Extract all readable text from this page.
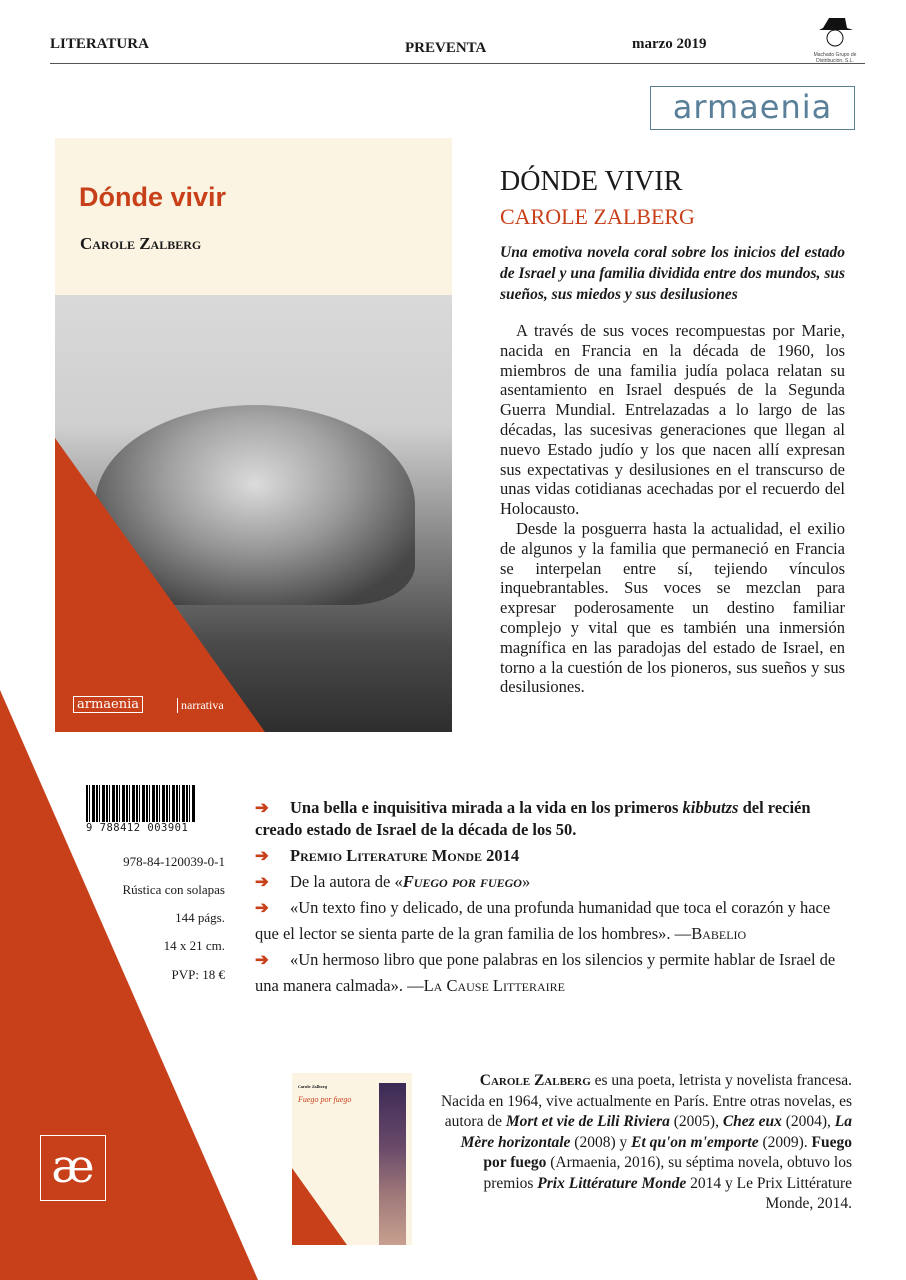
LITERATURA	PREVENTA	marzo 2019
Machado Grupo de Distribución, S.L.
armaenia
Dónde vivir
Carole Zalberg
armaenia	narrativa
DÓNDE VIVIR
CAROLE ZALBERG

Una emotiva novela coral sobre los inicios del estado de Israel y una familia dividida entre dos mundos, sus sueños, sus miedos y sus desilusiones

A través de sus voces recompuestas por Marie, nacida en Francia en la década de 1960, los miembros de una familia judía polaca relatan su asentamiento en Israel después de la Segunda Guerra Mundial. Entrelazadas a lo largo de las décadas, las sucesivas generaciones que llegan al nuevo Estado judío y los que nacen allí expresan sus expectativas y desilusiones en el transcurso de unas vidas cotidianas acechadas por el recuerdo del Holocausto.

Desde la posguerra hasta la actualidad, el exilio de algunos y la familia que permaneció en Francia se interpelan entre sí, tejiendo vínculos inquebrantables. Sus voces se mezclan para expresar poderosamente un destino familiar complejo y vital que es también una inmersión magnífica en las paradojas del estado de Israel, en torno a la cuestión de los pioneros, sus sueños y sus desilusiones.

9 788412 003901
978-84-120039-0-1
Rústica con solapas
144 págs.
14 x 21 cm.
PVP: 18 €
➔ Una bella e inquisitiva mirada a la vida en los primeros kibbutzs del recién creado estado de Israel de la década de los 50.
➔ Premio Literature Monde 2014
➔ De la autora de «Fuego por fuego»
➔ «Un texto fino y delicado, de una profunda humanidad que toca el corazón y hace que el lector se sienta parte de la gran familia de los hombres». —Babelio
➔ «Un hermoso libro que pone palabras en los silencios y permite hablar de Israel de una manera calmada». —La Cause Litteraire
æ
Carole Zalberg
Fuego por fuego
Carole Zalberg es una poeta, letrista y novelista francesa. Nacida en 1964, vive actualmente en París. Entre otras novelas, es autora de Mort et vie de Lili Riviera (2005), Chez eux (2004), La Mère horizontale (2008) y Et qu'on m'emporte (2009). Fuego por fuego (Armaenia, 2016), su séptima novela, obtuvo los premios Prix Littérature Monde 2014 y Le Prix Littérature Monde, 2014.
